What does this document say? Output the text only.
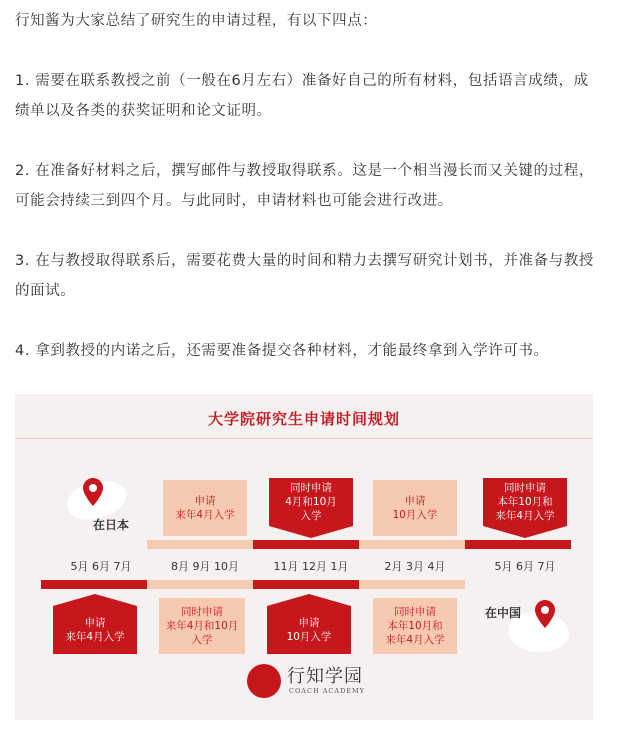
行知酱为大家总结了研究生的申请过程，有以下四点：

1. 需要在联系教授之前（一般在6月左右）准备好自己的所有材料，包括语言成绩，成绩单以及各类的获奖证明和论文证明。

2. 在准备好材料之后，撰写邮件与教授取得联系。这是一个相当漫长而又关键的过程，可能会持续三到四个月。与此同时，申请材料也可能会进行改进。

3. 在与教授取得联系后，需要花费大量的时间和精力去撰写研究计划书，并准备与教授的面试。

4. 拿到教授的内诺之后，还需要准备提交各种材料，才能最终拿到入学许可书。

大学院研究生申请时间规划
在日本
申请
来年4月入学
同时申请
4月和10月
入学
申请
10月入学
同时申请
本年10月和
来年4月入学
5月 6月 7月	8月 9月 10月	11月 12月 1月	2月 3月 4月	5月 6月 7月
申请
来年4月入学
同时申请
来年4月和10月
入学
申请
10月入学
同时申请
本年10月和
来年4月入学
在中国
行知学园
COACH ACADEMY
